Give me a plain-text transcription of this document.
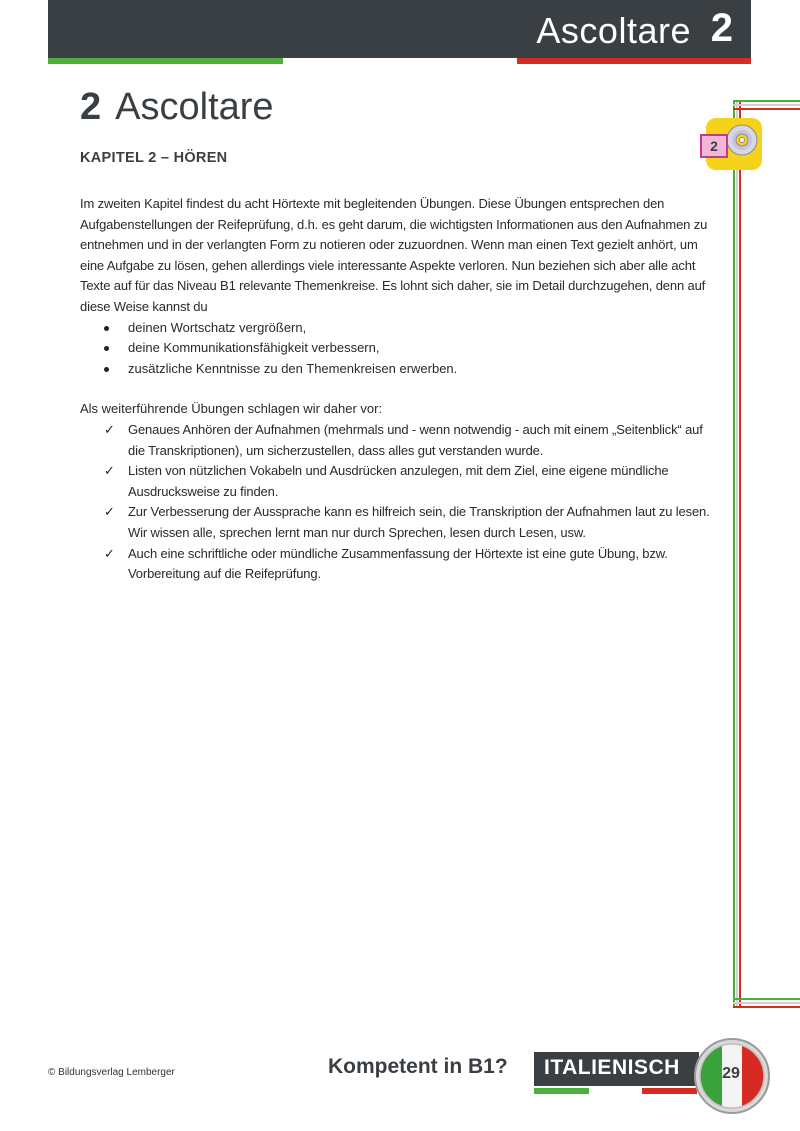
Ascoltare 2
2
2 Ascoltare
KAPITEL 2 – HÖREN

Im zweiten Kapitel findest du acht Hörtexte mit begleitenden Übungen. Diese Übungen entsprechen den Aufgabenstellungen der Reifeprüfung, d.h. es geht darum, die wichtigsten Informationen aus den Aufnahmen zu entnehmen und in der verlangten Form zu notieren oder zuzuordnen. Wenn man einen Text gezielt anhört, um eine Aufgabe zu lösen, gehen allerdings viele interessante Aspekte verloren. Nun beziehen sich aber alle acht Texte auf für das Niveau B1 relevante Themenkreise. Es lohnt sich daher, sie im Detail durchzugehen, denn auf diese Weise kannst du

deinen Wortschatz vergrößern,
deine Kommunikationsfähigkeit verbessern,
zusätzliche Kenntnisse zu den Themenkreisen erwerben.

Als weiterführende Übungen schlagen wir daher vor:

✓ Genaues Anhören der Aufnahmen (mehrmals und - wenn notwendig - auch mit einem „Seitenblick“ auf die Transkriptionen), um sicherzustellen, dass alles gut verstanden wurde.
✓ Listen von nützlichen Vokabeln und Ausdrücken anzulegen, mit dem Ziel, eine eigene mündliche Ausdrucksweise zu finden.
✓ Zur Verbesserung der Aussprache kann es hilfreich sein, die Transkription der Aufnahmen laut zu lesen. Wir wissen alle, sprechen lernt man nur durch Sprechen, lesen durch Lesen, usw.
✓ Auch eine schriftliche oder mündliche Zusammenfassung der Hörtexte ist eine gute Übung, bzw. Vorbereitung auf die Reifeprüfung.
© Bildungsverlag Lemberger	Kompetent in B1? ITALIENISCH	29
